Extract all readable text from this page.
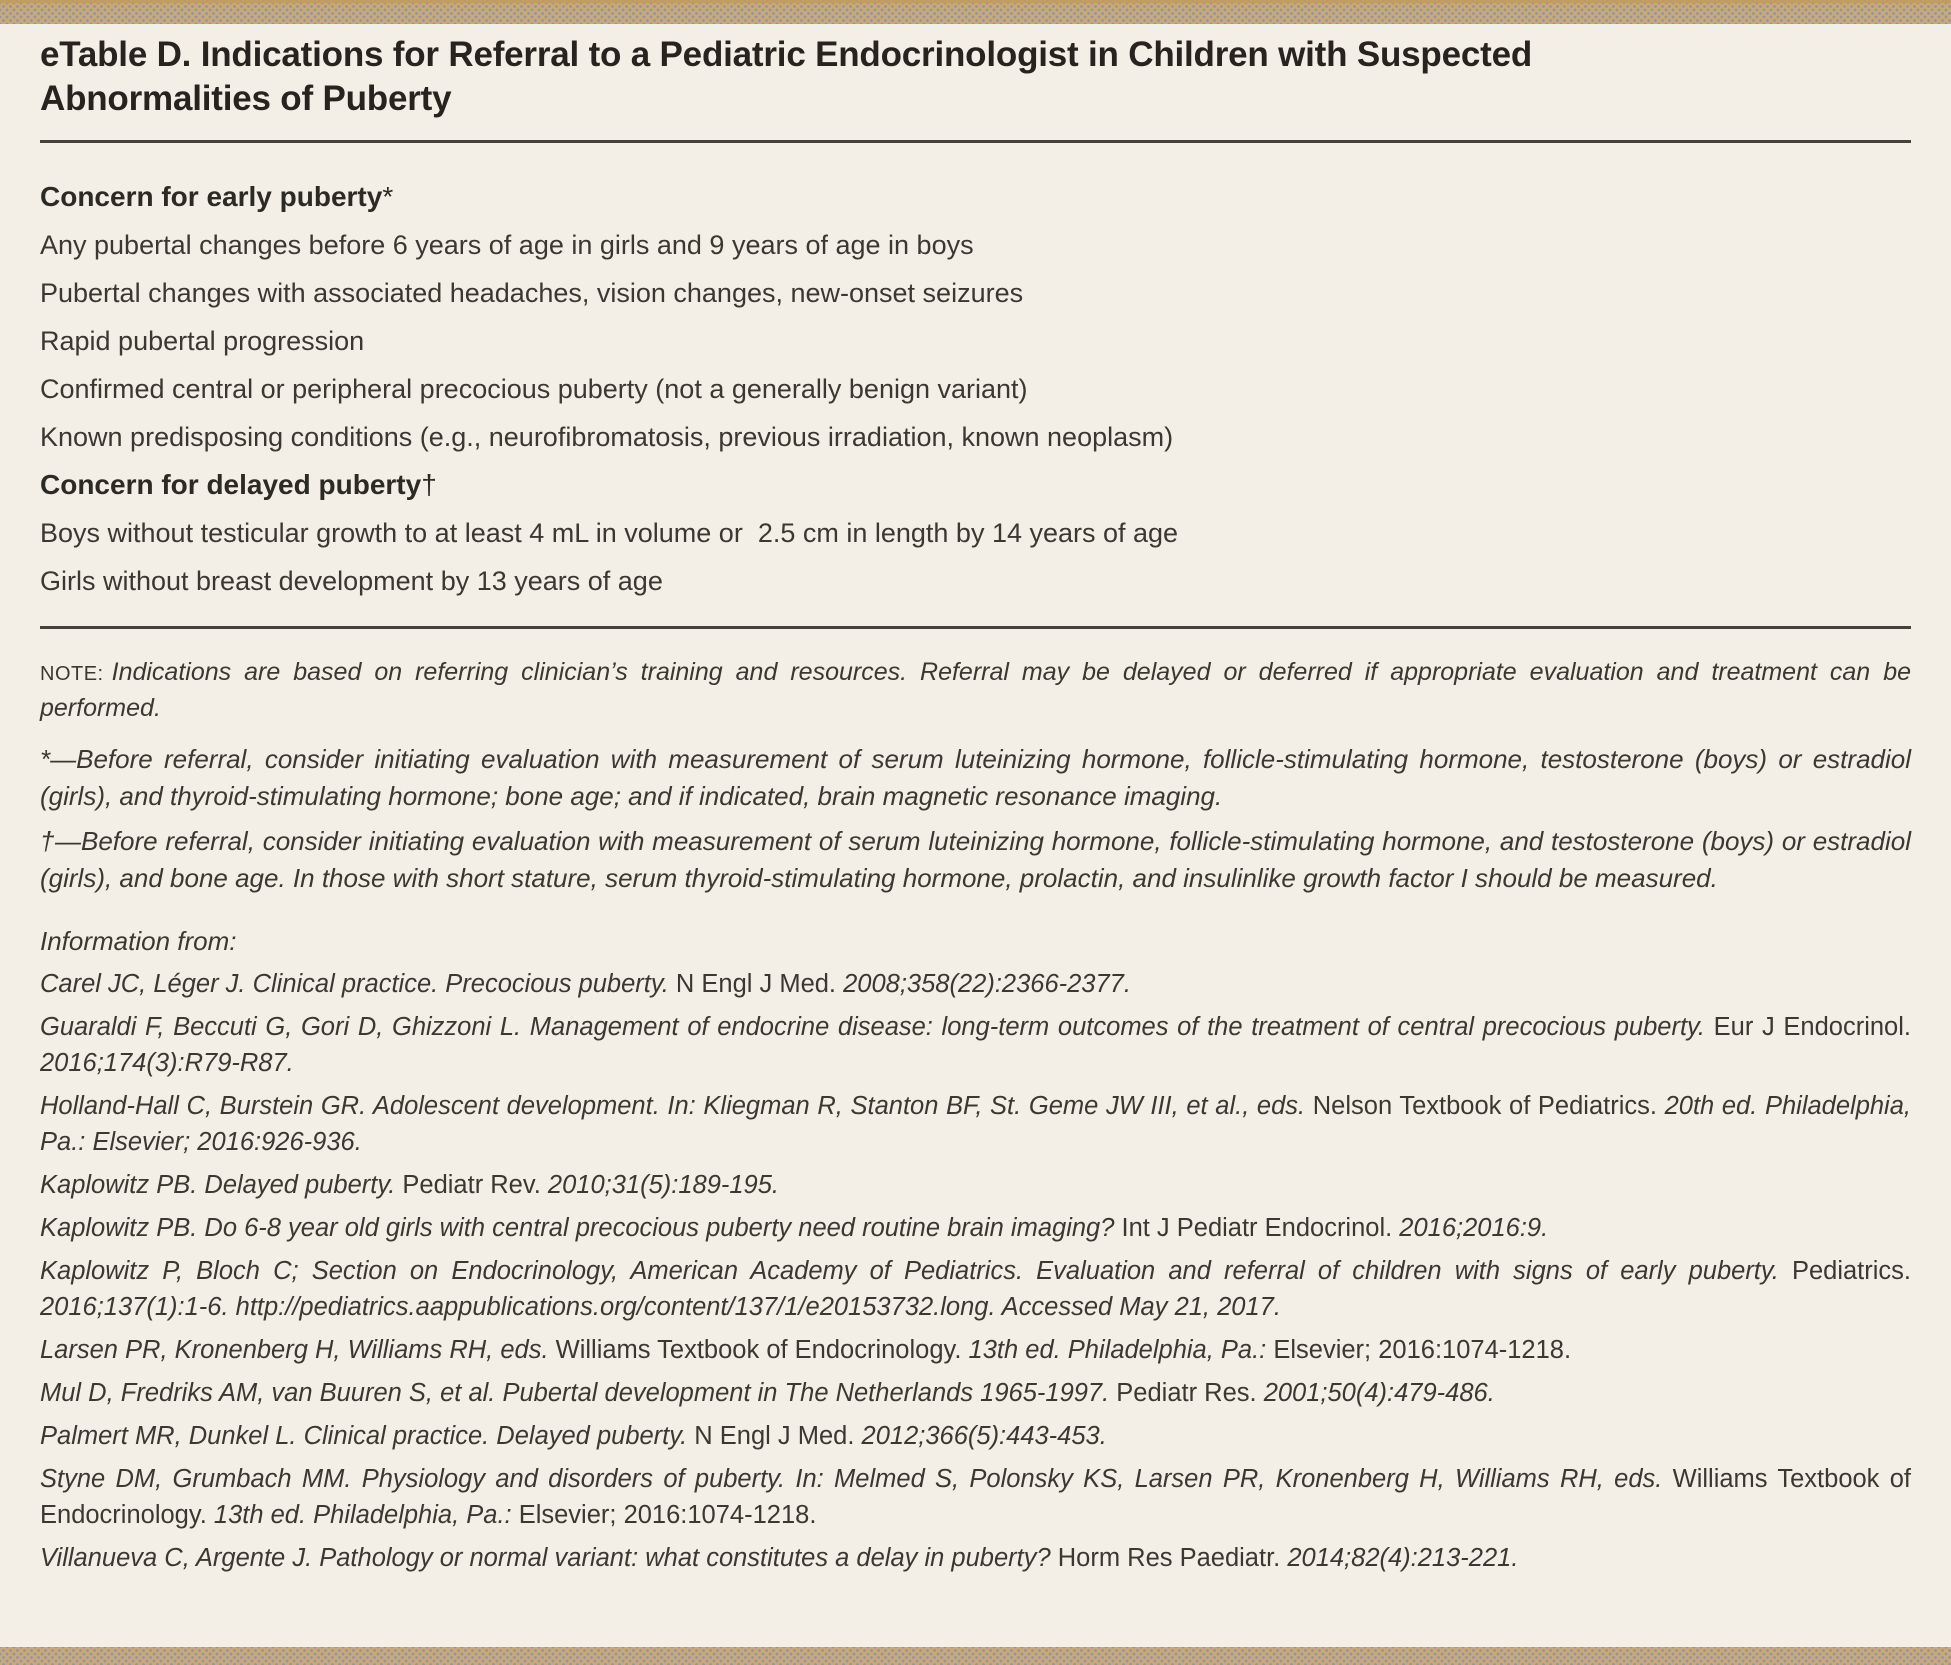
eTable D. Indications for Referral to a Pediatric Endocrinologist in Children with Suspected
Abnormalities of Puberty
Concern for early puberty*
Any pubertal changes before 6 years of age in girls and 9 years of age in boys
Pubertal changes with associated headaches, vision changes, new-onset seizures
Rapid pubertal progression
Confirmed central or peripheral precocious puberty (not a generally benign variant)
Known predisposing conditions (e.g., neurofibromatosis, previous irradiation, known neoplasm)
Concern for delayed puberty†
Boys without testicular growth to at least 4 mL in volume or  2.5 cm in length by 14 years of age
Girls without breast development by 13 years of age

NOTE: Indications are based on referring clinician’s training and resources. Referral may be delayed or deferred if appropriate evaluation and treatment can be performed.

*—Before referral, consider initiating evaluation with measurement of serum luteinizing hormone, follicle-stimulating hormone, testosterone (boys) or estradiol (girls), and thyroid-stimulating hormone; bone age; and if indicated, brain magnetic resonance imaging.

†—Before referral, consider initiating evaluation with measurement of serum luteinizing hormone, follicle-stimulating hormone, and testosterone (boys) or estradiol (girls), and bone age. In those with short stature, serum thyroid-stimulating hormone, prolactin, and insulinlike growth factor I should be measured.

Information from:

Carel JC, Léger J. Clinical practice. Precocious puberty. N Engl J Med. 2008;358(22):2366-2377.

Guaraldi F, Beccuti G, Gori D, Ghizzoni L. Management of endocrine disease: long-term outcomes of the treatment of central precocious puberty. Eur J Endocrinol. 2016;174(3):R79-R87.

Holland-Hall C, Burstein GR. Adolescent development. In: Kliegman R, Stanton BF, St. Geme JW III, et al., eds. Nelson Textbook of Pediatrics. 20th ed. Philadelphia, Pa.: Elsevier; 2016:926-936.

Kaplowitz PB. Delayed puberty. Pediatr Rev. 2010;31(5):189-195.

Kaplowitz PB. Do 6-8 year old girls with central precocious puberty need routine brain imaging? Int J Pediatr Endocrinol. 2016;2016:9.

Kaplowitz P, Bloch C; Section on Endocrinology, American Academy of Pediatrics. Evaluation and referral of children with signs of early puberty. Pediatrics. 2016;137(1):1-6. http://pediatrics.aappublications.org/content/137/1/e20153732.long. Accessed May 21, 2017.

Larsen PR, Kronenberg H, Williams RH, eds. Williams Textbook of Endocrinology. 13th ed. Philadelphia, Pa.: Elsevier; 2016:1074-1218.

Mul D, Fredriks AM, van Buuren S, et al. Pubertal development in The Netherlands 1965-1997. Pediatr Res. 2001;50(4):479-486.

Palmert MR, Dunkel L. Clinical practice. Delayed puberty. N Engl J Med. 2012;366(5):443-453.

Styne DM, Grumbach MM. Physiology and disorders of puberty. In: Melmed S, Polonsky KS, Larsen PR, Kronenberg H, Williams RH, eds. Williams Textbook of Endocrinology. 13th ed. Philadelphia, Pa.: Elsevier; 2016:1074-1218.

Villanueva C, Argente J. Pathology or normal variant: what constitutes a delay in puberty? Horm Res Paediatr. 2014;82(4):213-221.
